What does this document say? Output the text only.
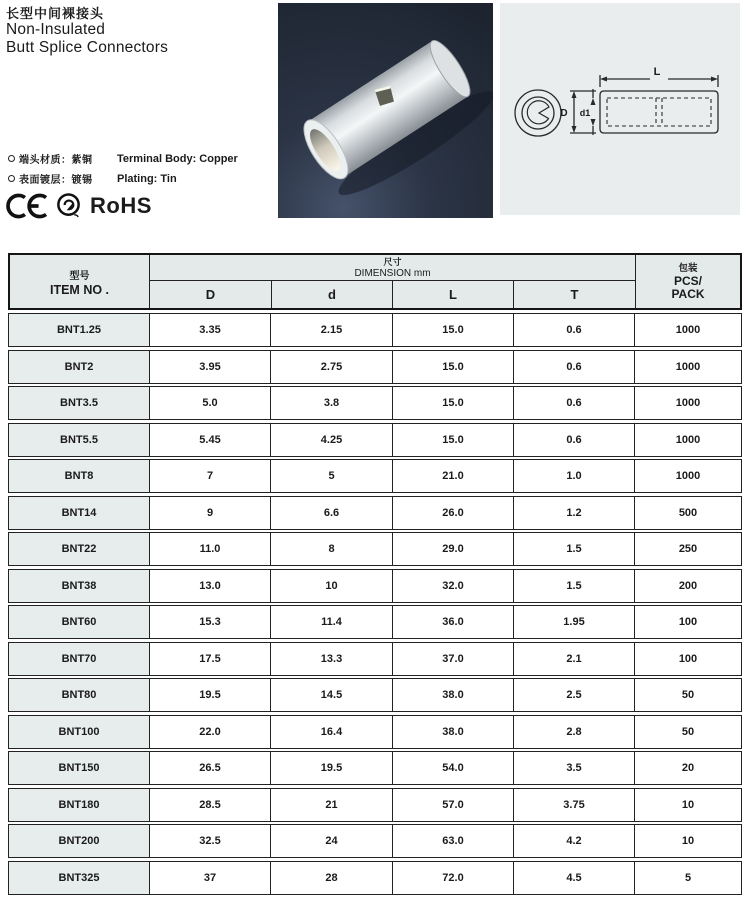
长型中间裸接头
Non-Insulated
Butt Splice Connectors
端头材质：紫铜	Terminal Body: Copper
表面镀层：镀锡	Plating: Tin
RoHS
L
D d1
型号
ITEM NO .
尺寸
DIMENSION mm
D	d	L	T
包装
PCS/
PACK
BNT1.25	3.35	2.15	15.0	0.6	1000
BNT2	3.95	2.75	15.0	0.6	1000
BNT3.5	5.0	3.8	15.0	0.6	1000
BNT5.5	5.45	4.25	15.0	0.6	1000
BNT8	7	5	21.0	1.0	1000
BNT14	9	6.6	26.0	1.2	500
BNT22	11.0	8	29.0	1.5	250
BNT38	13.0	10	32.0	1.5	200
BNT60	15.3	11.4	36.0	1.95	100
BNT70	17.5	13.3	37.0	2.1	100
BNT80	19.5	14.5	38.0	2.5	50
BNT100	22.0	16.4	38.0	2.8	50
BNT150	26.5	19.5	54.0	3.5	20
BNT180	28.5	21	57.0	3.75	10
BNT200	32.5	24	63.0	4.2	10
BNT325	37	28	72.0	4.5	5
